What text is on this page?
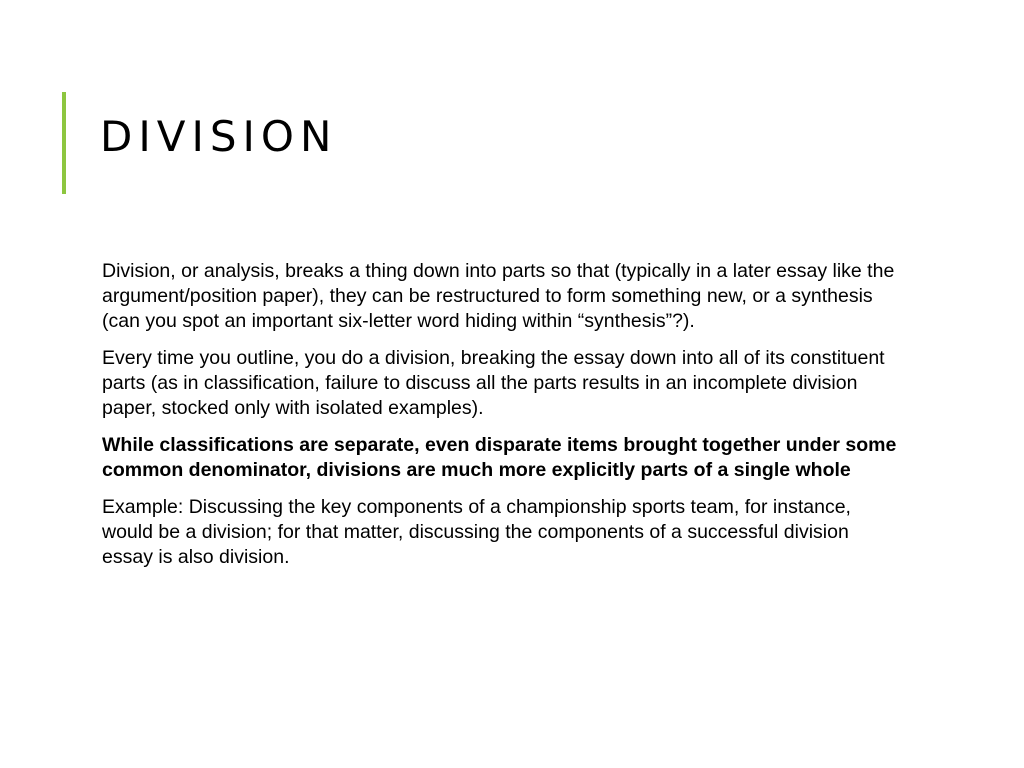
DIVISION

Division, or analysis, breaks a thing down into parts so that (typically in a later essay like the argument/position paper), they can be restructured to form something new, or a synthesis (can you spot an important six-letter word hiding within “synthesis”?).

Every time you outline, you do a division, breaking the essay down into all of its constituent parts (as in classification, failure to discuss all the parts results in an incomplete division paper, stocked only with isolated examples).

While classifications are separate, even disparate items brought together under some common denominator, divisions are much more explicitly parts of a single whole

Example: Discussing the key components of a championship sports team, for instance, would be a division; for that matter, discussing the components of a successful division essay is also division.
